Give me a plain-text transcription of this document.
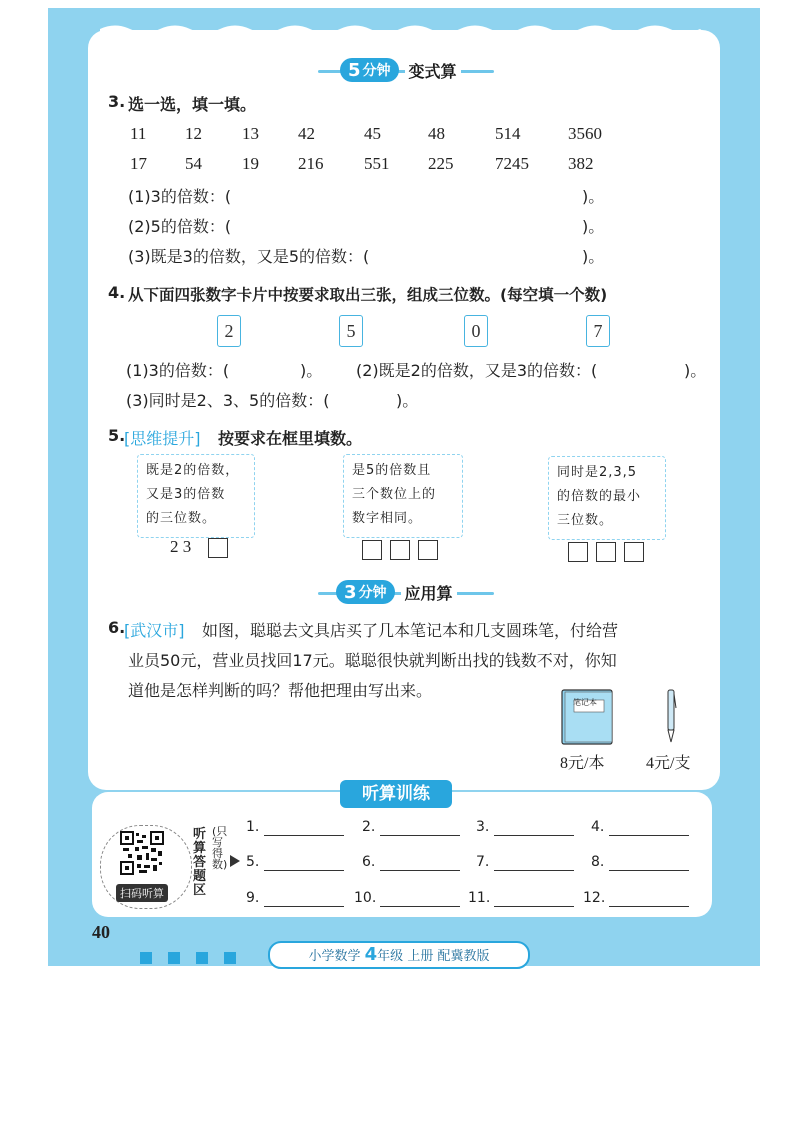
5 分钟 变式算
3. 选一选，填一填。
11 12 13 42	45	48	514	3560
17 54 19 216 551 225 7245 382
(1)3的倍数：(	)。
(2)5的倍数：(	)。
(3)既是3的倍数，又是5的倍数：(	)。
4. 从下面四张数字卡片中按要求取出三张，组成三位数。(每空填一个数)
2	5	0	7
(1)3的倍数：(	)。 (2)既是2的倍数，又是3的倍数：(	)。
(3)同时是2、3、5的倍数：(	)。
5.
[思维提升] 按要求在框里填数。
既是2的倍数，
又是3的倍数
的三位数。
2 3
是5的倍数且
三个数位上的
数字相同。
同时是2,3,5
的倍数的最小
三位数。
3 分钟 应用算
6.
[武汉市] 如图，聪聪去文具店买了几本笔记本和几支圆珠笔，付给营
业员50元，营业员找回17元。聪聪很快就判断出找的钱数不对，你知
道他是怎样判断的吗？帮他把理由写出来。
笔记本
8元/本	4元/支
听算训练
扫码听算
听算答题区
(只写得数)
1.	2.	3.	4.
5.	6.	7.	8.
9.	10.	11.	12.
40
小学数学 4年级 上册 配冀教版
